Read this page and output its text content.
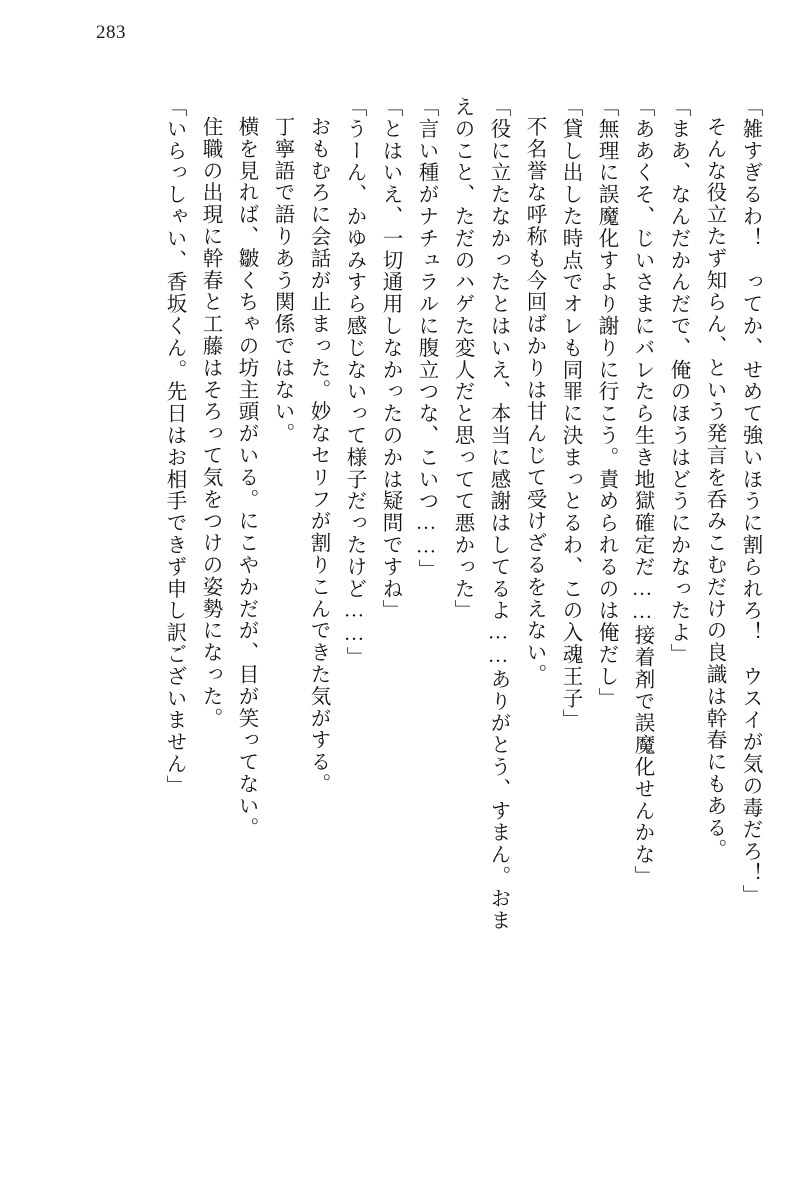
283
「雑すぎるわ！　ってか、せめて強いほうに割られろ！　ウスイが気の毒だろ！」
そんな役立たず知らん、という発言を呑みこむだけの良識は幹春にもある。
「まあ、なんだかんだで、俺のほうはどうにかなったよ」
「ああくそ、じいさまにバレたら生き地獄確定だ……接着剤で誤魔化せんかな」
「無理に誤魔化すより謝りに行こう。責められるのは俺だし」
「貸し出した時点でオレも同罪に決まっとるわ、この入魂王子」
不名誉な呼称も今回ばかりは甘んじて受けざるをえない。
「役に立たなかったとはいえ、本当に感謝はしてるよ……ありがとう、すまん。おま
えのこと、ただのハゲた変人だと思ってて悪かった」
「言い種がナチュラルに腹立つな、こいつ……」
「とはいえ、一切通用しなかったのかは疑問ですね」
「うーん、かゆみすら感じないって様子だったけど……」
おもむろに会話が止まった。妙なセリフが割りこんできた気がする。
丁寧語で語りあう関係ではない。
横を見れば、皺くちゃの坊主頭がいる。にこやかだが、目が笑ってない。
住職の出現に幹春と工藤はそろって気をつけの姿勢になった。
「いらっしゃい、香坂くん。先日はお相手できず申し訳ございません」
